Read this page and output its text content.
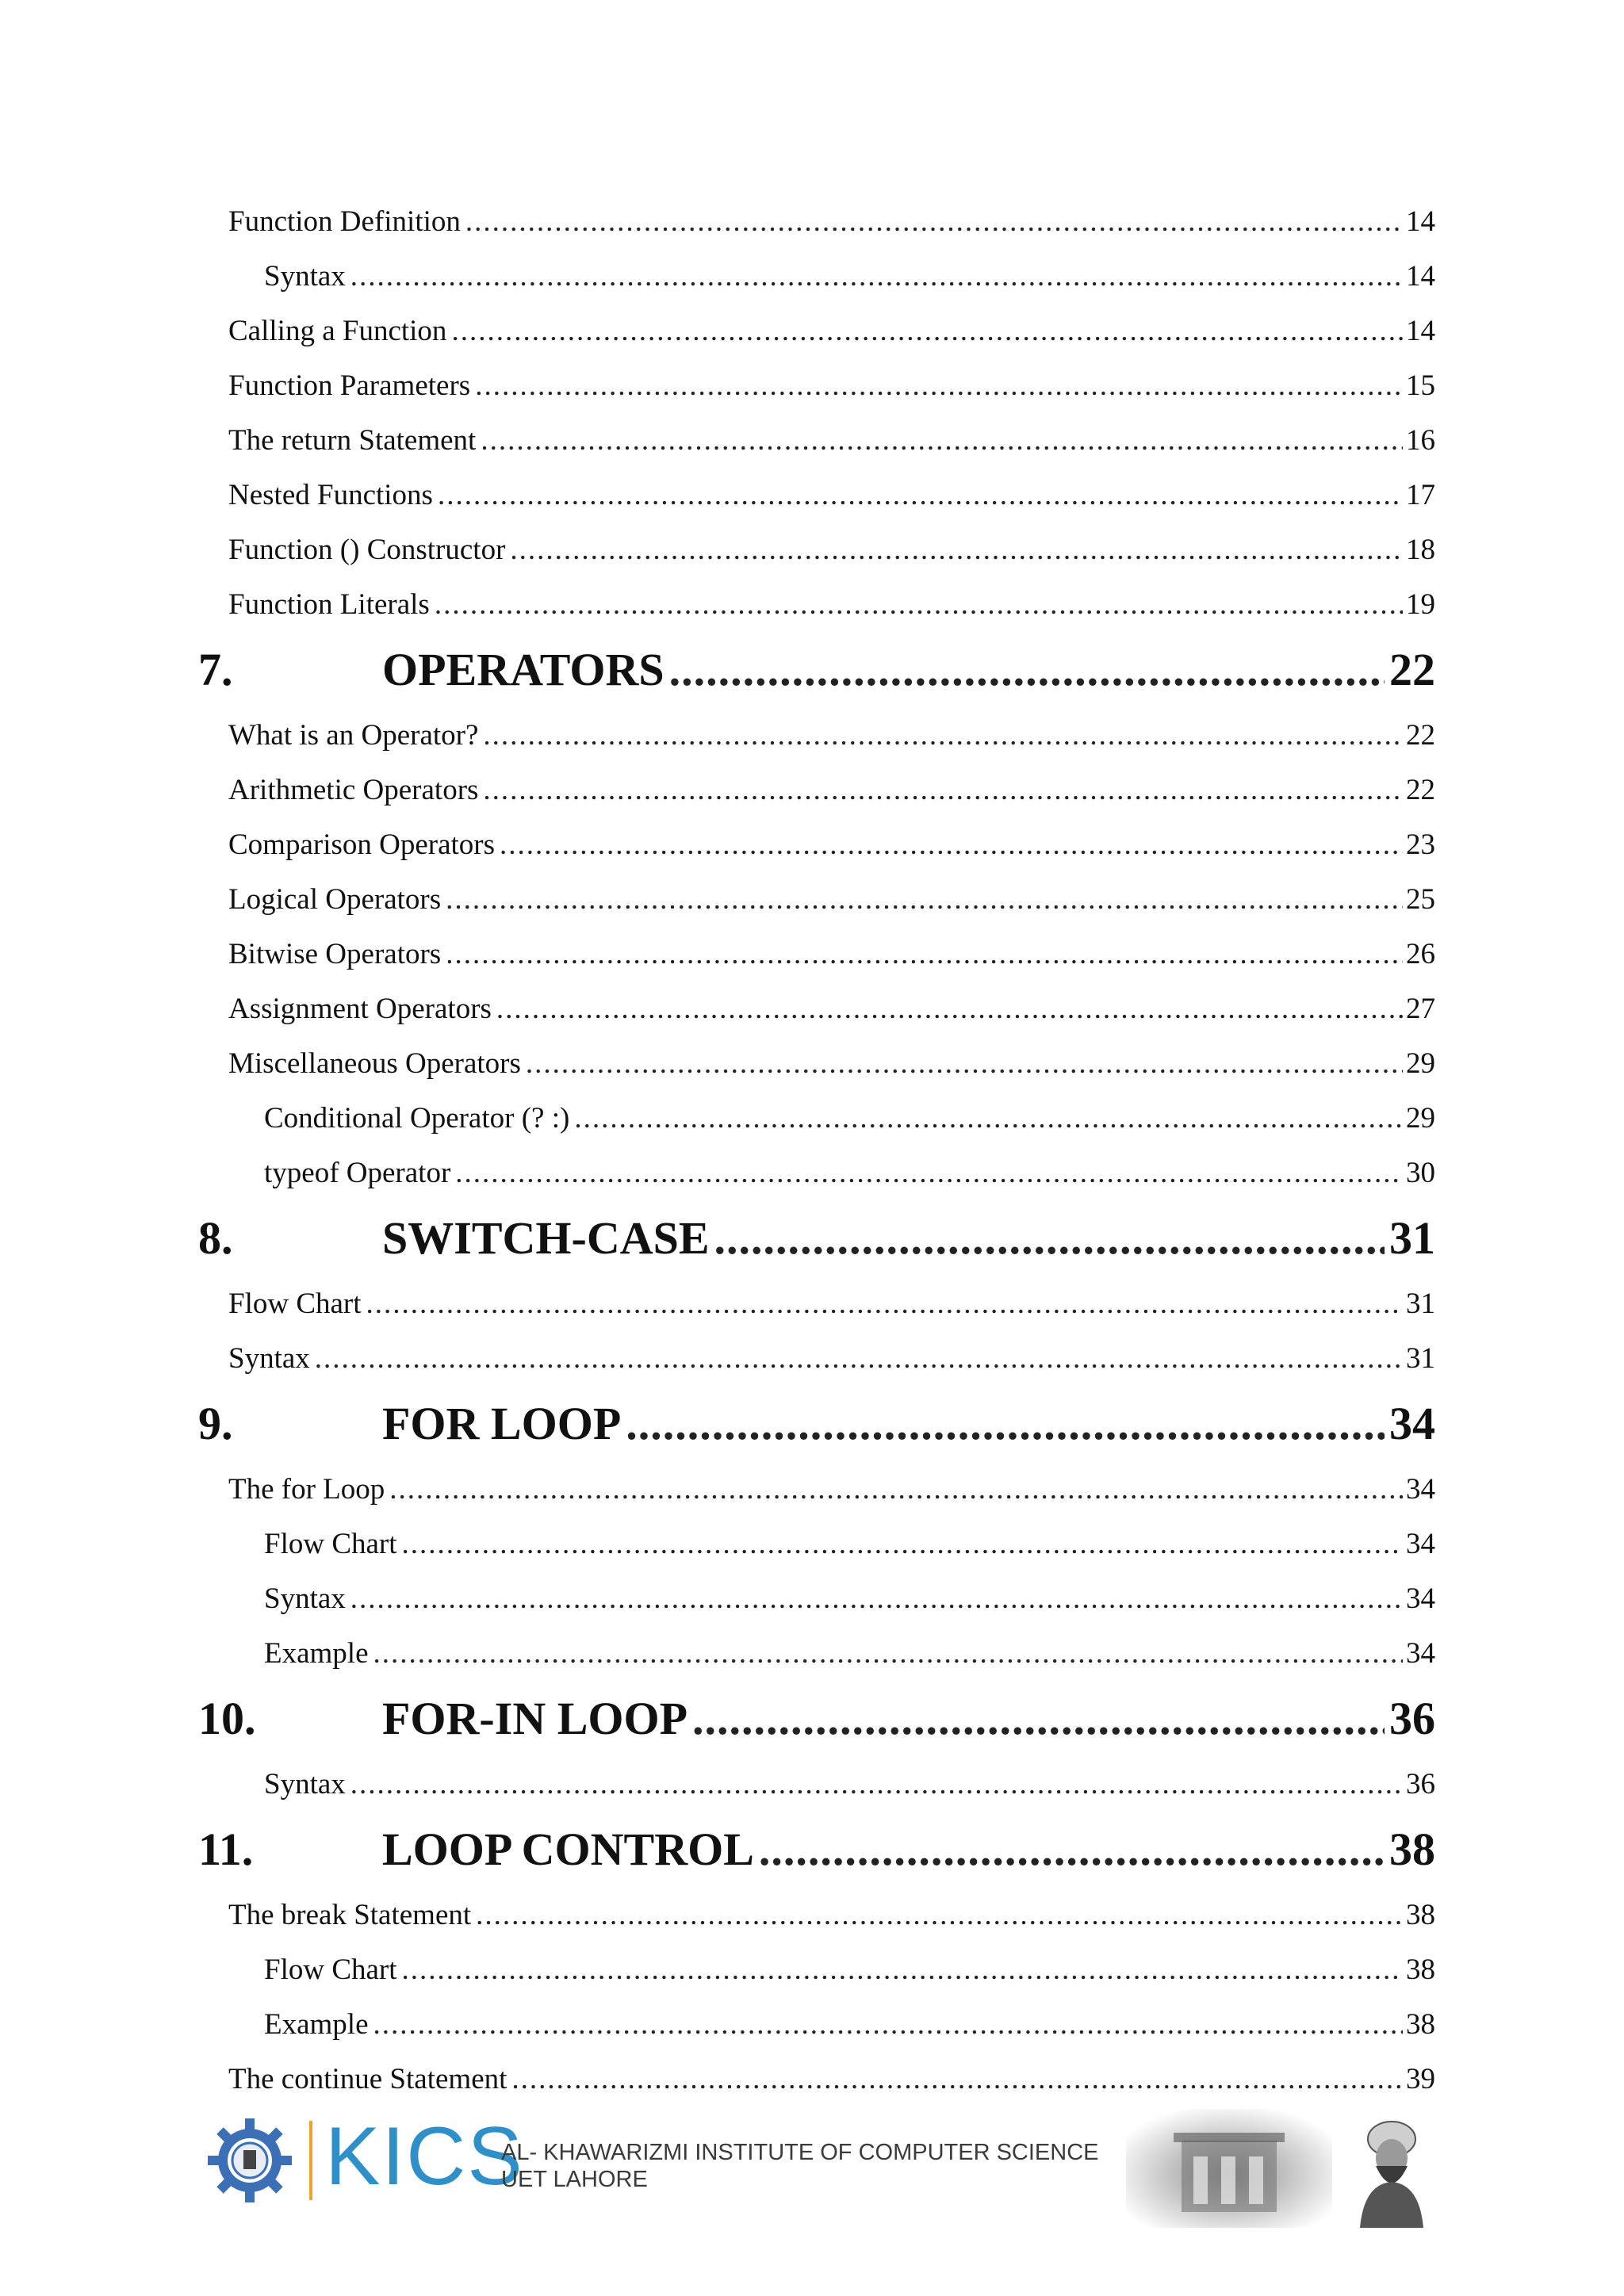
Function Definition .....	14
Syntax .....	14
Calling a Function .....	14
Function Parameters .....	15
The return Statement .....	16
Nested Functions .....	17
Function () Constructor .....	18
Function Literals .....	19
7.	OPERATORS .....	22
What is an Operator? .....	22
Arithmetic Operators .....	22
Comparison Operators .....	23
Logical Operators .....	25
Bitwise Operators .....	26
Assignment Operators .....	27
Miscellaneous Operators .....	29
Conditional Operator (? :) .....	29
typeof Operator .....	30
8.	SWITCH-CASE .....	31
Flow Chart .....	31
Syntax .....	31
9.	FOR LOOP .....	34
The for Loop .....	34
Flow Chart .....	34
Syntax .....	34
Example .....	34
10.	FOR-IN LOOP .....	36
Syntax .....	36
11.	LOOP CONTROL .....	38
The break Statement .....	38
Flow Chart .....	38
Example .....	38
The continue Statement .....	39
KICS
AL- KHAWARIZMI INSTITUTE OF COMPUTER SCIENCE
UET LAHORE
